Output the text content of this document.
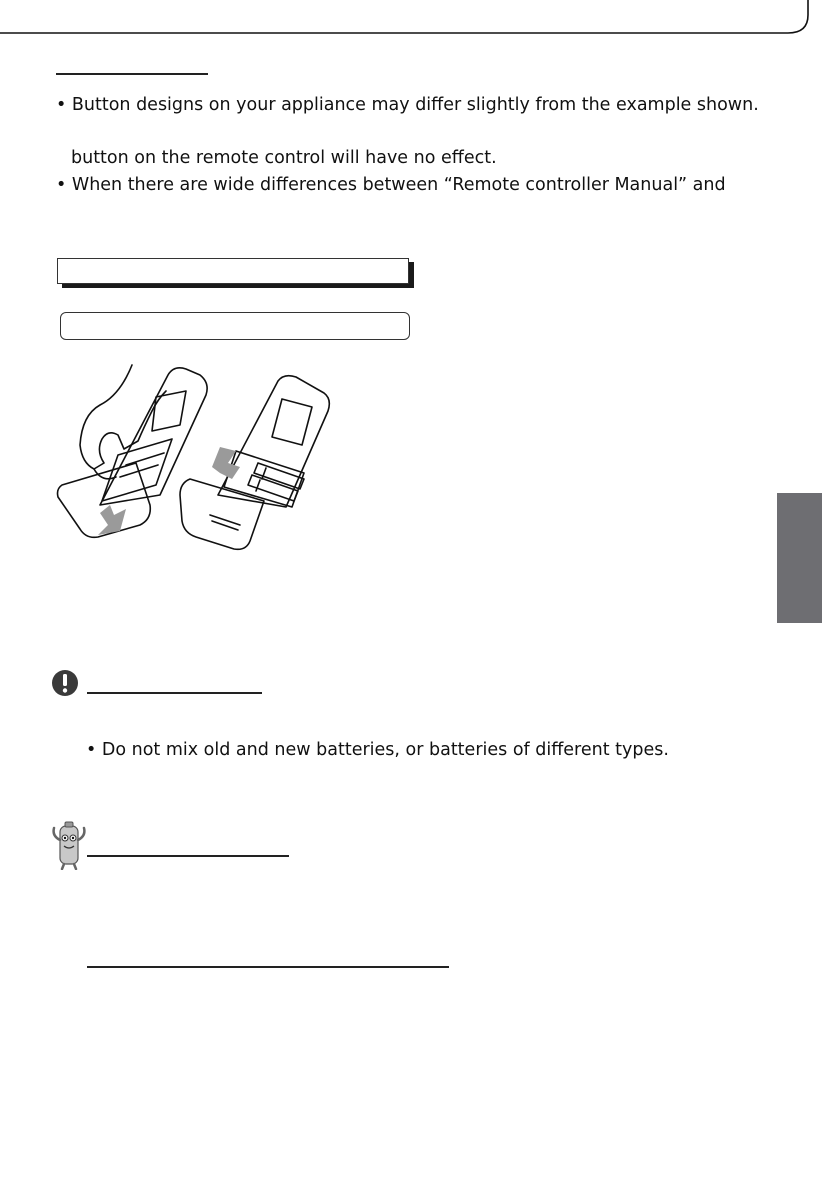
• Button designs on your appliance may differ slightly from the example shown.
button on the remote control will have no effect.
• When there are wide differences between “Remote controller Manual” and
• Do not mix old and new batteries, or batteries of different types.
